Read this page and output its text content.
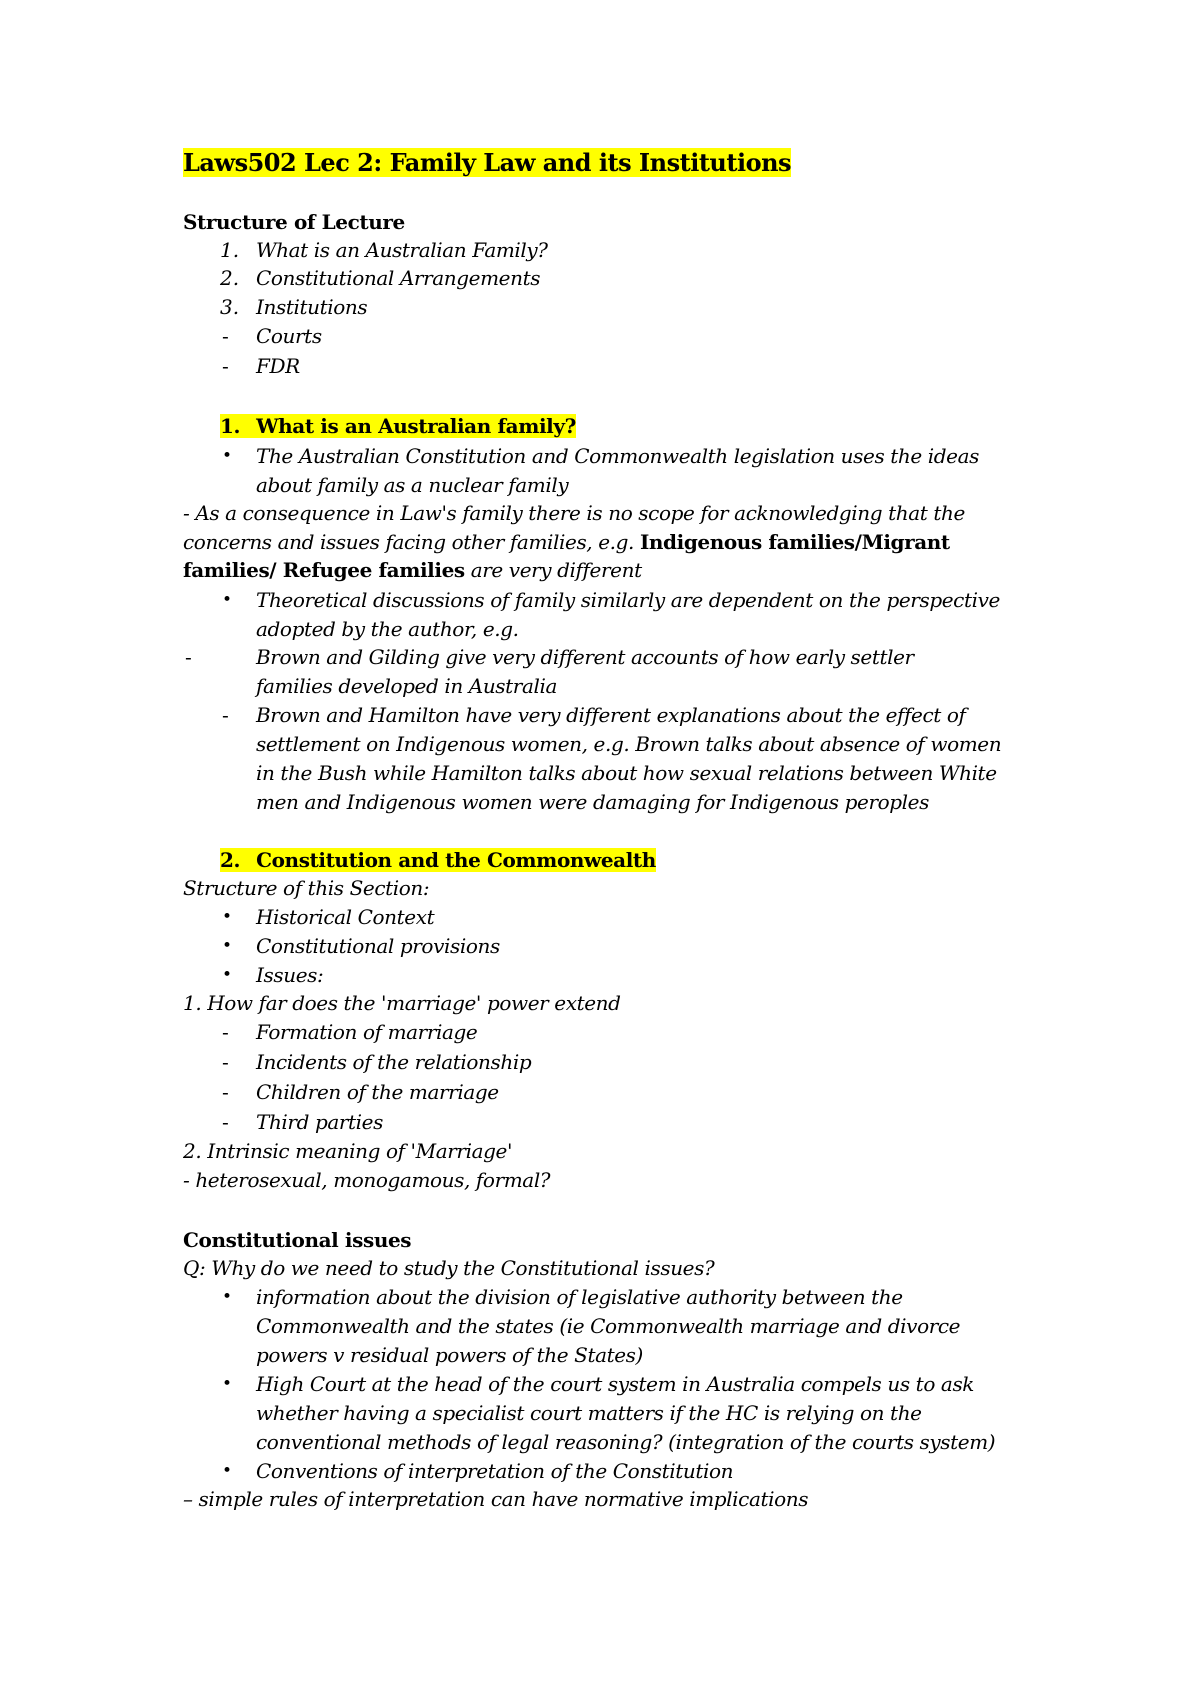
Laws502 Lec 2: Family Law and its Institutions
Structure of Lecture
1. What is an Australian Family?
2. Constitutional Arrangements
3. Institutions
- Courts
- FDR
1. What is an Australian family?
• The Australian Constitution and Commonwealth legislation uses the ideas
about family as a nuclear family
- As a consequence in Law's family there is no scope for acknowledging that the
concerns and issues facing other families, e.g. Indigenous families/Migrant
families/ Refugee families are very different
• Theoretical discussions of family similarly are dependent on the perspective
adopted by the author, e.g.
-	Brown and Gilding give very different accounts of how early settler
families developed in Australia
- Brown and Hamilton have very different explanations about the effect of
settlement on Indigenous women, e.g. Brown talks about absence of women
in the Bush while Hamilton talks about how sexual relations between White
men and Indigenous women were damaging for Indigenous peroples
2. Constitution and the Commonwealth
Structure of this Section:
• Historical Context
• Constitutional provisions
• Issues:
1. How far does the 'marriage' power extend
- Formation of marriage
- Incidents of the relationship
- Children of the marriage
- Third parties
2. Intrinsic meaning of 'Marriage'
- heterosexual, monogamous, formal?
Constitutional issues
Q: Why do we need to study the Constitutional issues?
• information about the division of legislative authority between the
Commonwealth and the states (ie Commonwealth marriage and divorce
powers v residual powers of the States)
• High Court at the head of the court system in Australia compels us to ask
whether having a specialist court matters if the HC is relying on the
conventional methods of legal reasoning? (integration of the courts system)
• Conventions of interpretation of the Constitution
– simple rules of interpretation can have normative implications
